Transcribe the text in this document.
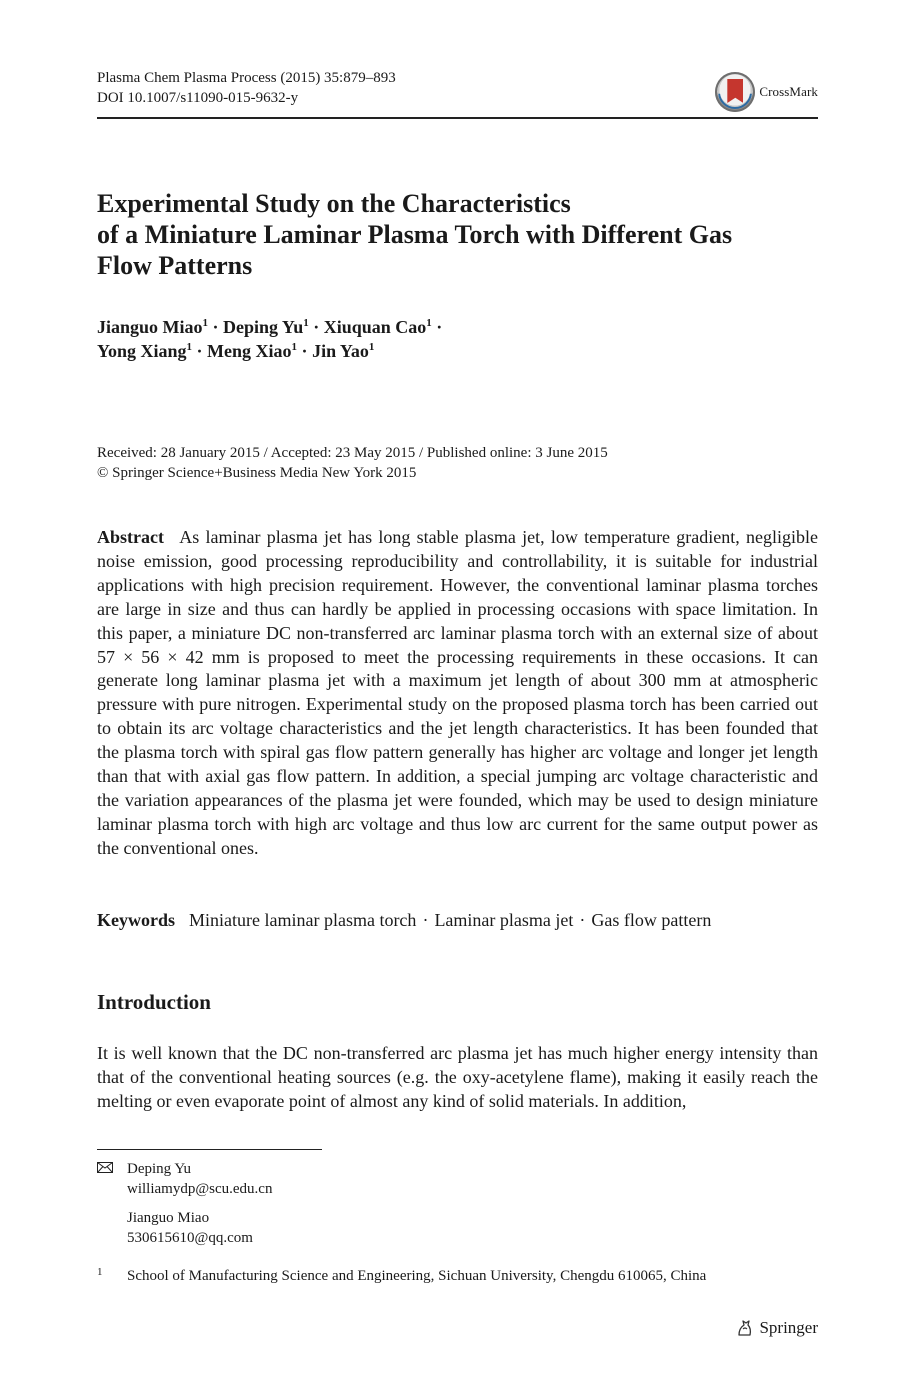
Plasma Chem Plasma Process (2015) 35:879–893
DOI 10.1007/s11090-015-9632-y	CrossMark
Experimental Study on the Characteristics
of a Miniature Laminar Plasma Torch with Different Gas
Flow Patterns
Jianguo Miao$^1$ · Deping $Yu^1$ · Xiuquan Cao$^1$ ·
Yong Xiang$^1$ · Meng Xiao$^1$ · Jin Yao$^1$
Received: 28 January 2015 / Accepted: 23 May 2015 / Published online: 3 June 2015
© Springer Science+Business Media New York 2015
Abstract As laminar plasma jet has long stable plasma jet, low temperature gradient, negligible noise emission, good processing reproducibility and controllability, it is suitable for industrial applications with high precision requirement. However, the conventional laminar plasma torches are large in size and thus can hardly be applied in processing occasions with space limitation. In this paper, a miniature DC non-transferred arc laminar plasma torch with an external size of about 57 × 56 × 42 mm is proposed to meet the processing requirements in these occasions. It can generate long laminar plasma jet with a maximum jet length of about 300 mm at atmospheric pressure with pure nitrogen. Experimental study on the proposed plasma torch has been carried out to obtain its arc voltage characteristics and the jet length characteristics. It has been founded that the plasma torch with spiral gas flow pattern generally has higher arc voltage and longer jet length than that with axial gas flow pattern. In addition, a special jumping arc voltage characteristic and the variation appearances of the plasma jet were founded, which may be used to design miniature laminar plasma torch with high arc voltage and thus low arc current for the same output power as the conventional ones.
Keywords Miniature laminar plasma torch · Laminar plasma jet · Gas flow pattern
Introduction

It is well known that the DC non-transferred arc plasma jet has much higher energy intensity than that of the conventional heating sources (e.g. the oxy-acetylene flame), making it easily reach the melting or even evaporate point of almost any kind of solid materials. In addition,

Deping Yu
williamydp@scu.edu.cn
Jianguo Miao
530615610@qq.com
1 School of Manufacturing Science and Engineering, Sichuan University, Chengdu 610065, China
Springer
